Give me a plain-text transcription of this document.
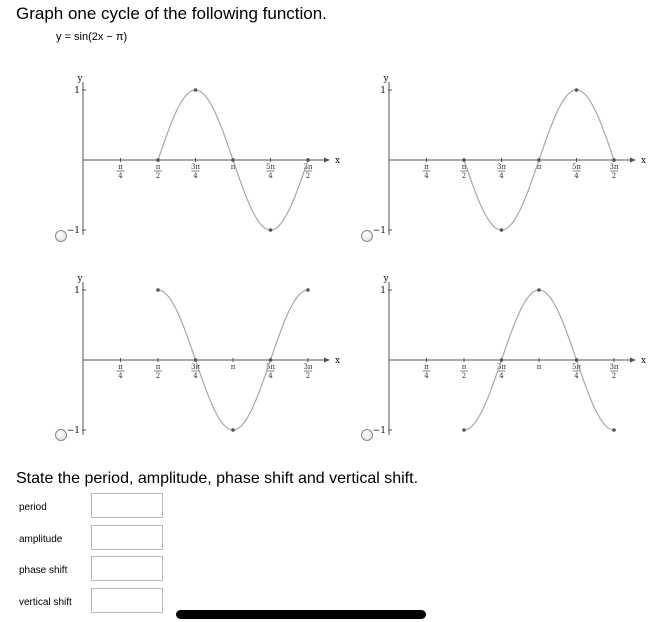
Graph one cycle of the following function.
y = sin(2x − π)
y
x
1
−1
π
4
π
2
3π
4
π	5π
4
3π
2
y
x
1
−1
π
4
π
2
3π
4
π	5π
4
3π
2
y
x
1
−1
π
4
π
2
3π
4
π	5π
4
3π
2
y
x
1
−1
π
4
π
2
3π
4
π	5π
4
3π
2
State the period, amplitude, phase shift and vertical shift.
period
amplitude
phase shift
vertical shift
